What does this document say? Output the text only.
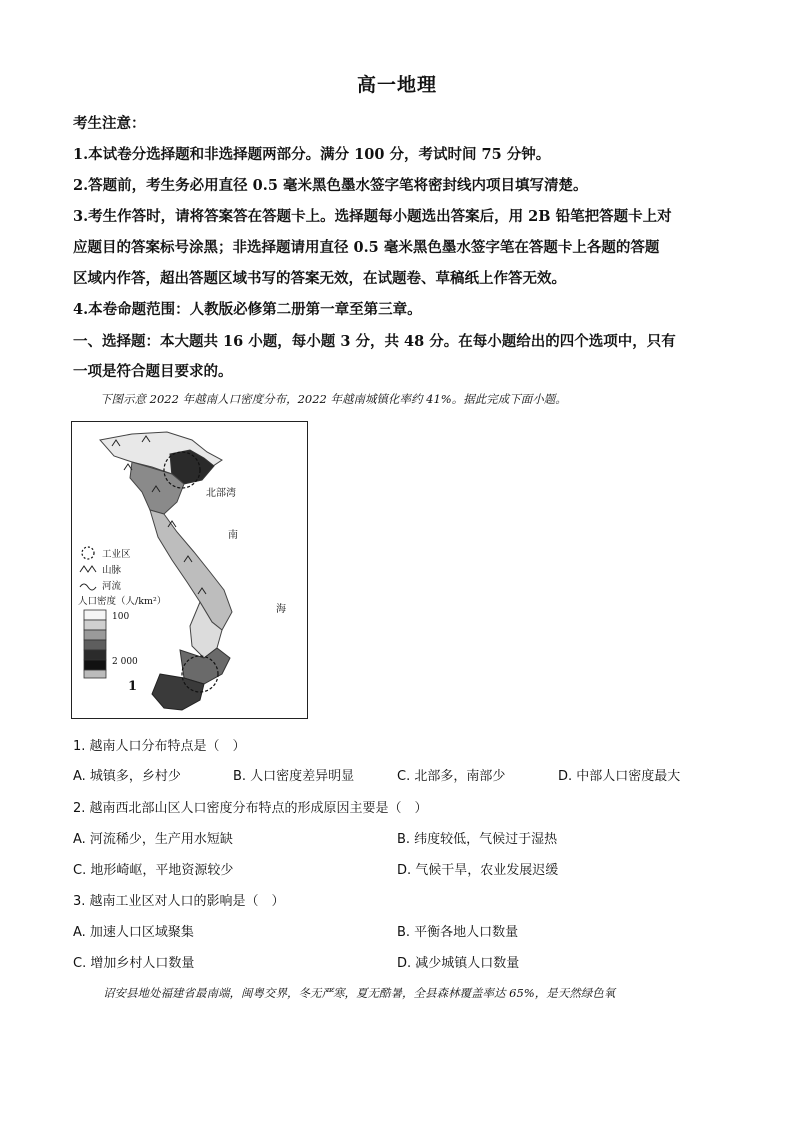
高一地理
考生注意：
1.本试卷分选择题和非选择题两部分。满分 100 分，考试时间 75 分钟。
2.答题前，考生务必用直径 0.5 毫米黑色墨水签字笔将密封线内项目填写清楚。
3.考生作答时，请将答案答在答题卡上。选择题每小题选出答案后，用 2B 铅笔把答题卡上对
应题目的答案标号涂黑；非选择题请用直径 0.5 毫米黑色墨水签字笔在答题卡上各题的答题
区域内作答，超出答题区域书写的答案无效，在试题卷、草稿纸上作答无效。
4.本卷命题范围：人教版必修第二册第一章至第三章。
一、选择题：本大题共 16 小题，每小题 3 分，共 48 分。在每小题给出的四个选项中，只有
一项是符合题目要求的。
下图示意 2022 年越南人口密度分布，2022 年越南城镇化率约 41%。据此完成下面小题。
北部湾
南
海
1
工业区
山脉
河流
人口密度（人/km²）
100
2 000
1. 越南人口分布特点是（　）
A. 城镇多，乡村少	B. 人口密度差异明显	C. 北部多，南部少	D. 中部人口密度最大
2. 越南西北部山区人口密度分布特点的形成原因主要是（　）
A. 河流稀少，生产用水短缺	B. 纬度较低，气候过于湿热
C. 地形崎岖，平地资源较少	D. 气候干旱，农业发展迟缓
3. 越南工业区对人口的影响是（　）
A. 加速人口区域聚集	B. 平衡各地人口数量
C. 增加乡村人口数量	D. 减少城镇人口数量
诏安县地处福建省最南端，闽粤交界，冬无严寒，夏无酷暑，全县森林覆盖率达 65%，是天然绿色氧
